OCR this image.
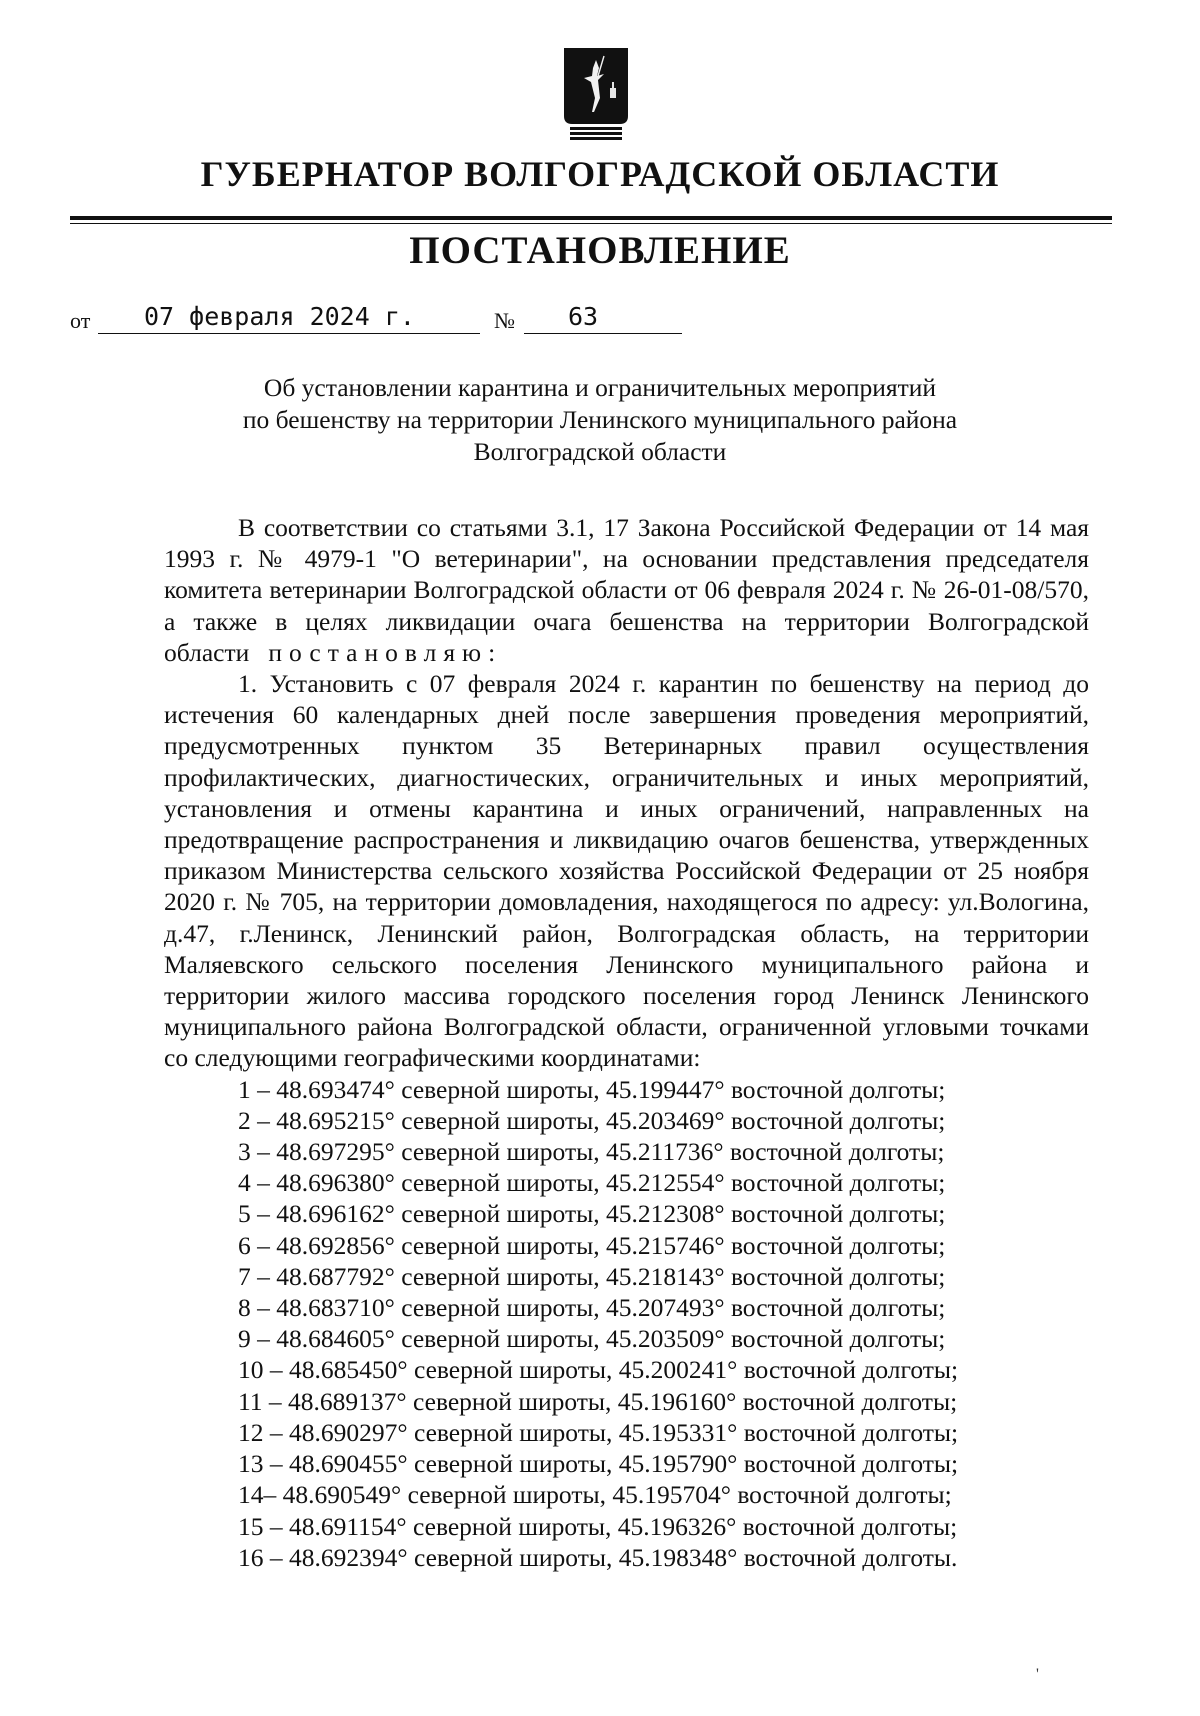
ГУБЕРНАТОР ВОЛГОГРАДСКОЙ ОБЛАСТИ
ПОСТАНОВЛЕНИЕ
от	07 февраля 2024 г.	№	63
Об установлении карантина и ограничительных мероприятий
по бешенству на территории Ленинского муниципального района
Волгоградской области

В соответствии со статьями 3.1, 17 Закона Российской Федерации от 14 мая 1993 г. № 4979-1 "О ветеринарии", на основании представления председателя комитета ветеринарии Волгоградской области от 06 февраля 2024 г. № 26-01-08/570, а также в целях ликвидации очага бешенства на территории Волгоградской области постановляю:

1. Установить с 07 февраля 2024 г. карантин по бешенству на период до истечения 60 календарных дней после завершения проведения мероприятий, предусмотренных пунктом 35 Ветеринарных правил осуществления профилактических, диагностических, ограничительных и иных мероприятий, установления и отмены карантина и иных ограничений, направленных на предотвращение распространения и ликвидацию очагов бешенства, утвержденных приказом Министерства сельского хозяйства Российской Федерации от 25 ноября 2020 г. № 705, на территории домовладения, находящегося по адресу: ул.Вологина, д.47, г.Ленинск, Ленинский район, Волгоградская область, на территории Маляевского сельского поселения Ленинского муниципального района и территории жилого массива городского поселения город Ленинск Ленинского муниципального района Волгоградской области, ограниченной угловыми точками со следующими географическими координатами:

1 – 48.693474° северной широты, 45.199447° восточной долготы;
2 – 48.695215° северной широты, 45.203469° восточной долготы;
3 – 48.697295° северной широты, 45.211736° восточной долготы;
4 – 48.696380° северной широты, 45.212554° восточной долготы;
5 – 48.696162° северной широты, 45.212308° восточной долготы;
6 – 48.692856° северной широты, 45.215746° восточной долготы;
7 – 48.687792° северной широты, 45.218143° восточной долготы;
8 – 48.683710° северной широты, 45.207493° восточной долготы;
9 – 48.684605° северной широты, 45.203509° восточной долготы;
10 – 48.685450° северной широты, 45.200241° восточной долготы;
11 – 48.689137° северной широты, 45.196160° восточной долготы;
12 – 48.690297° северной широты, 45.195331° восточной долготы;
13 – 48.690455° северной широты, 45.195790° восточной долготы;
14– 48.690549° северной широты, 45.195704° восточной долготы;
15 – 48.691154° северной широты, 45.196326° восточной долготы;
16 – 48.692394° северной широты, 45.198348° восточной долготы.
'
